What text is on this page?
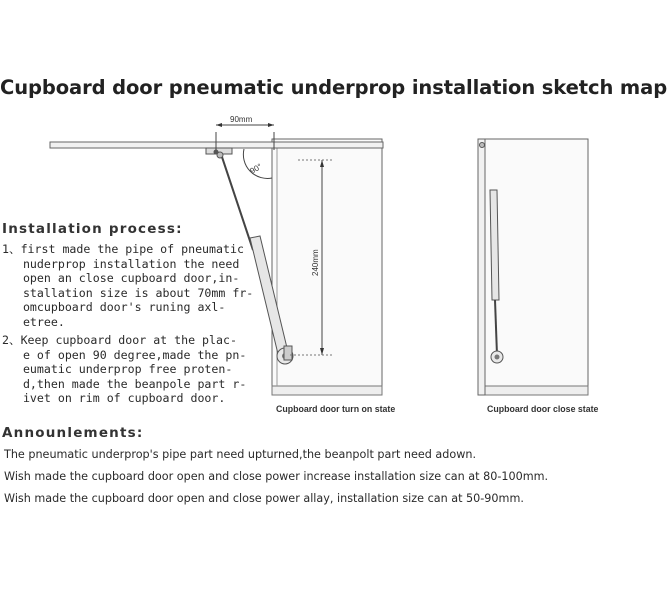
Cupboard door pneumatic underprop installation sketch map
90mm
90°
240mm
Cupboard door turn on state	Cupboard door close state
Installation process:
1、first made the pipe of pneumatic
nuderprop installation the need
open an close cupboard door,in-
stallation size is about 70mm fr-
omcupboard door's runing axl-
etree.
2、Keep cupboard door at the plac-
e of open 90 degree,made the pn-
eumatic underprop free proten-
d,then made the beanpole part r-
ivet on rim of cupboard door.
Announlements:
The pneumatic underprop's pipe part need upturned,the beanpolt part need adown.
Wish made the cupboard door open and close power increase installation size can at 80-100mm.
Wish made the cupboard door open and close power allay, installation size can at 50-90mm.
